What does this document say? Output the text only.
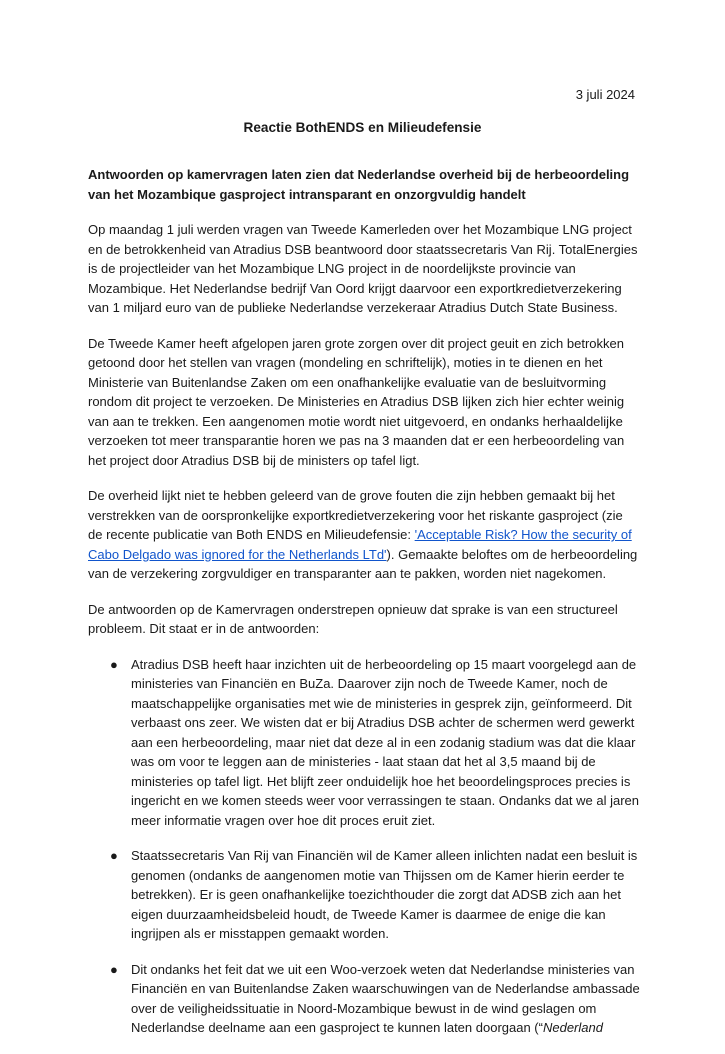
3 juli 2024
Reactie BothENDS en Milieudefensie

Antwoorden op kamervragen laten zien dat Nederlandse overheid bij de herbeoordeling van het Mozambique gasproject intransparant en onzorgvuldig handelt

Op maandag 1 juli werden vragen van Tweede Kamerleden over het Mozambique LNG project en de betrokkenheid van Atradius DSB beantwoord door staatssecretaris Van Rij. TotalEnergies is de projectleider van het Mozambique LNG project in de noordelijkste provincie van Mozambique. Het Nederlandse bedrijf Van Oord krijgt daarvoor een exportkredietverzekering van 1 miljard euro van de publieke Nederlandse verzekeraar Atradius Dutch State Business.

De Tweede Kamer heeft afgelopen jaren grote zorgen over dit project geuit en zich betrokken getoond door het stellen van vragen (mondeling en schriftelijk), moties in te dienen en het Ministerie van Buitenlandse Zaken om een onafhankelijke evaluatie van de besluitvorming rondom dit project te verzoeken. De Ministeries en Atradius DSB lijken zich hier echter weinig van aan te trekken. Een aangenomen motie wordt niet uitgevoerd, en ondanks herhaaldelijke verzoeken tot meer transparantie horen we pas na 3 maanden dat er een herbeoordeling van het project door Atradius DSB bij de ministers op tafel ligt.

De overheid lijkt niet te hebben geleerd van de grove fouten die zijn hebben gemaakt bij het verstrekken van de oorspronkelijke exportkredietverzekering voor het riskante gasproject (zie de recente publicatie van Both ENDS en Milieudefensie: 'Acceptable Risk? How the security of Cabo Delgado was ignored for the Netherlands LTd'). Gemaakte beloftes om de herbeoordeling van de verzekering zorgvuldiger en transparanter aan te pakken, worden niet nagekomen.

De antwoorden op de Kamervragen onderstrepen opnieuw dat sprake is van een structureel probleem. Dit staat er in de antwoorden:

● Atradius DSB heeft haar inzichten uit de herbeoordeling op 15 maart voorgelegd aan de ministeries van Financiën en BuZa. Daarover zijn noch de Tweede Kamer, noch de maatschappelijke organisaties met wie de ministeries in gesprek zijn, geïnformeerd. Dit verbaast ons zeer. We wisten dat er bij Atradius DSB achter de schermen werd gewerkt aan een herbeoordeling, maar niet dat deze al in een zodanig stadium was dat die klaar was om voor te leggen aan de ministeries - laat staan dat het al 3,5 maand bij de ministeries op tafel ligt. Het blijft zeer onduidelijk hoe het beoordelingsproces precies is ingericht en we komen steeds weer voor verrassingen te staan. Ondanks dat we al jaren meer informatie vragen over hoe dit proces eruit ziet.
● Staatssecretaris Van Rij van Financiën wil de Kamer alleen inlichten nadat een besluit is genomen (ondanks de aangenomen motie van Thijssen om de Kamer hierin eerder te betrekken). Er is geen onafhankelijke toezichthouder die zorgt dat ADSB zich aan het eigen duurzaamheidsbeleid houdt, de Tweede Kamer is daarmee de enige die kan ingrijpen als er misstappen gemaakt worden.
● Dit ondanks het feit dat we uit een Woo-verzoek weten dat Nederlandse ministeries van Financiën en van Buitenlandse Zaken waarschuwingen van de Nederlandse ambassade over de veiligheidssituatie in Noord-Mozambique bewust in de wind geslagen om Nederlandse deelname aan een gasproject te kunnen laten doorgaan (“Nederland
